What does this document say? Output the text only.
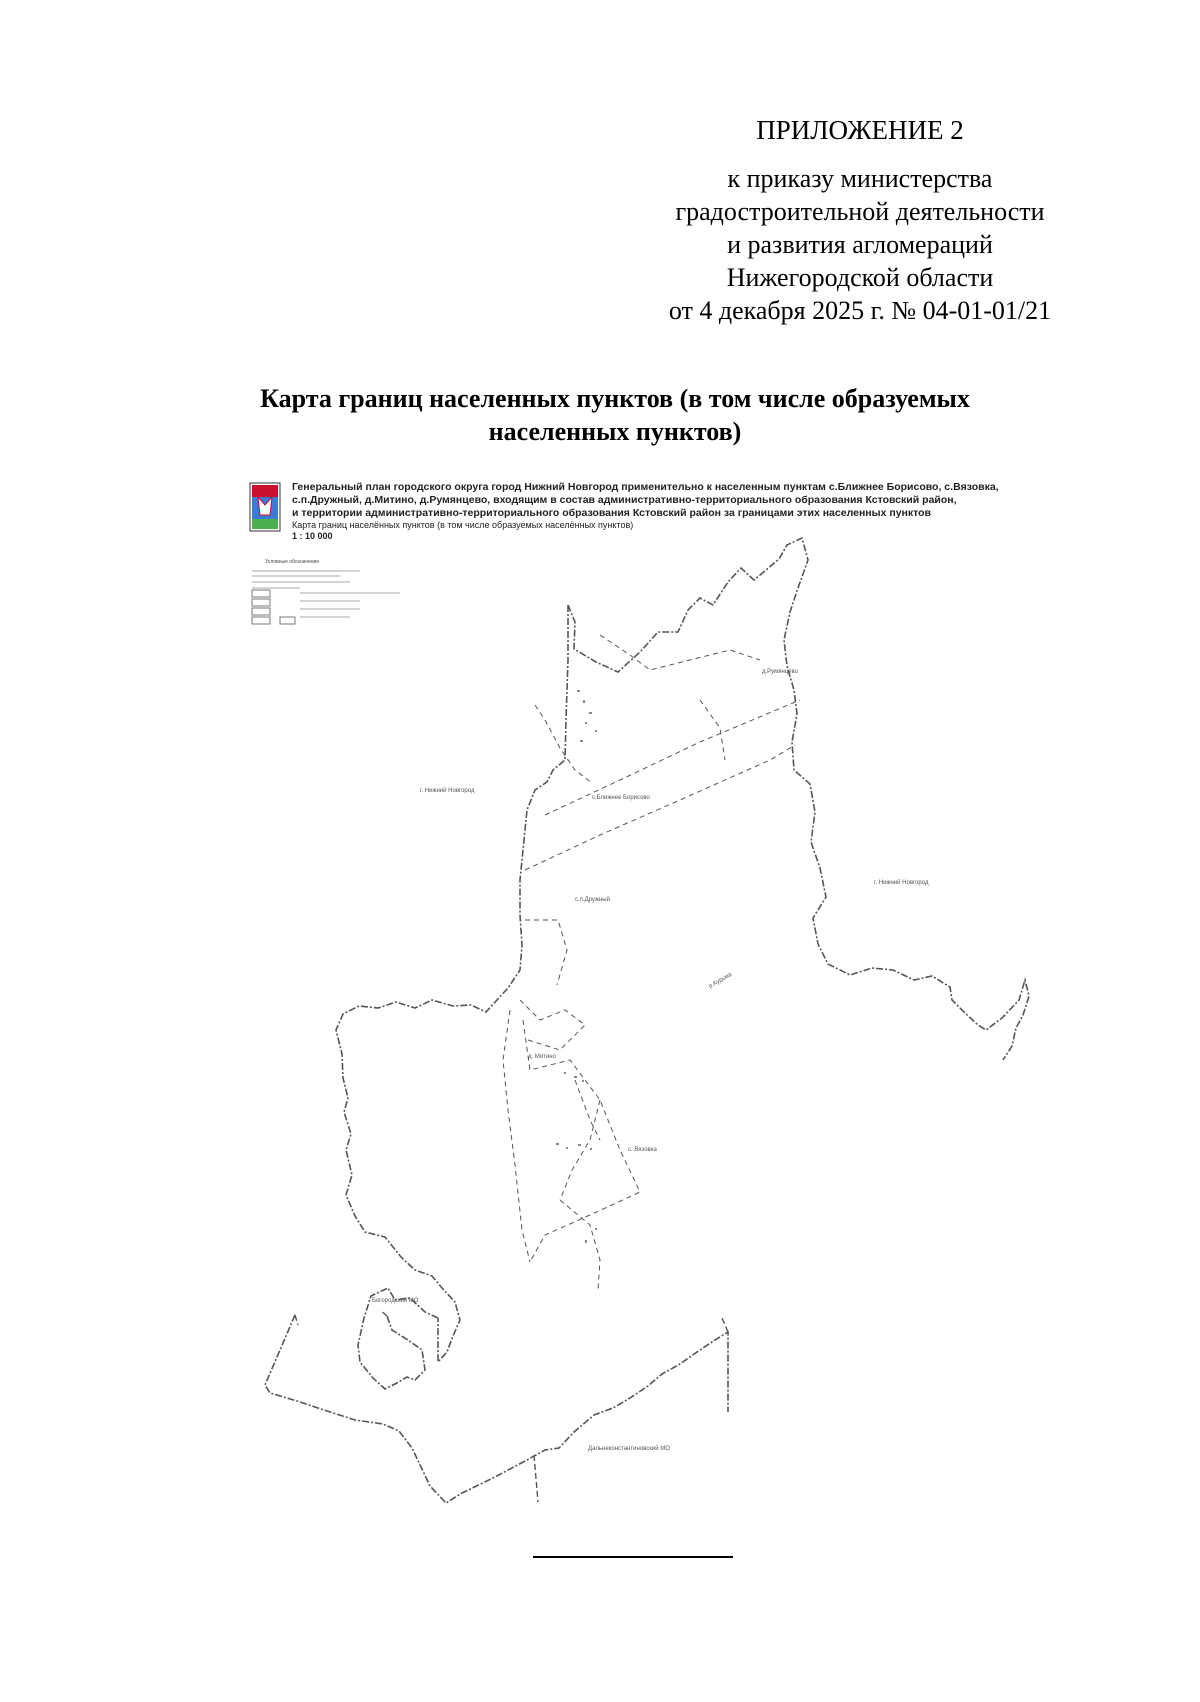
ПРИЛОЖЕНИЕ 2
к приказу министерства
градостроительной деятельности
и развития агломераций
Нижегородской области
от 4 декабря 2025 г. № 04-01-01/21
Карта границ населенных пунктов (в том числе образуемых населенных пунктов)
Генеральный план городского округа город Нижний Новгород применительно к населенным пунктам с.Ближнее Борисово, с.Вязовка,
с.п.Дружный, д.Митино, д.Румянцево, входящим в состав административно-территориального образования Кстовский район,
и территории административно-территориального образования Кстовский район за границами этих населенных пунктов
Карта границ населённых пунктов (в том числе образуемых населённых пунктов)
1 : 10 000
Условные обозначения
г. Нижний Новгород
г. Нижний Новгород
д.Румянцево
с.Ближнее Борисово
с.п.Дружный
р.Кудьма
д. Митино
с. Вязовка
Богородский МО
Дальнеконстантиновский МО
